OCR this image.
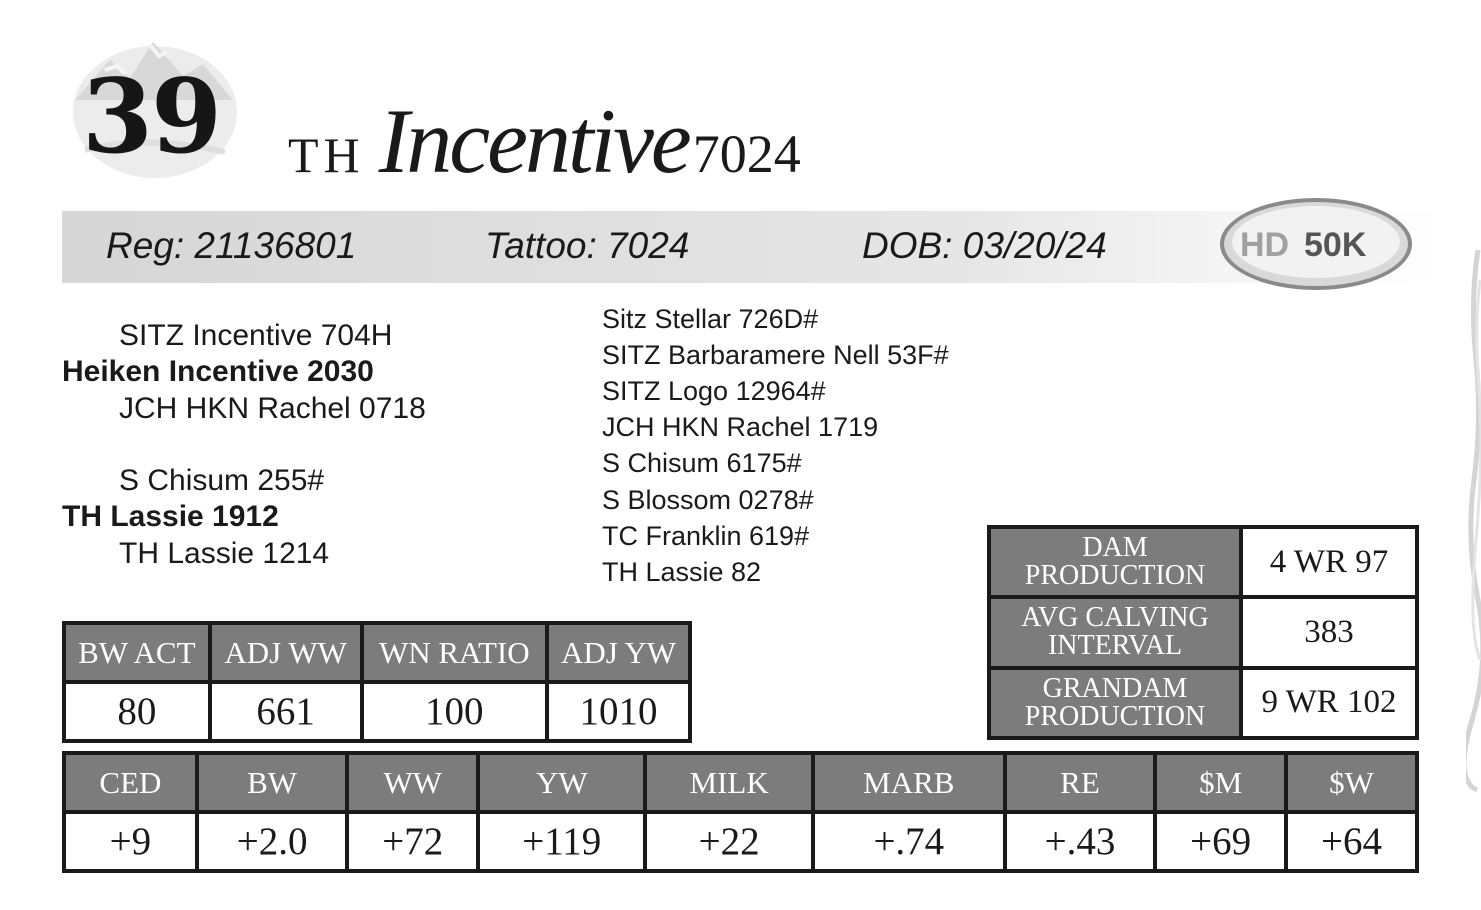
39 TH Incentive7024
Reg: 21136801	Tattoo: 7024	DOB: 03/20/24	HD 50K
SITZ Incentive 704H
Heiken Incentive 2030
JCH HKN Rachel 0718
S Chisum 255#
TH Lassie 1912
TH Lassie 1214
Sitz Stellar 726D#
SITZ Barbaramere Nell 53F#
SITZ Logo 12964#
JCH HKN Rachel 1719
S Chisum 6175#
S Blossom 0278#
TC Franklin 619#
TH Lassie 82
BW ACT	ADJ WW	WN RATIO	ADJ YW
80	661	100	1010
DAM
PRODUCTION	4 WR 97
AVG CALVING
INTERVAL	383
GRANDAM
PRODUCTION	9 WR 102
CED	BW	WW	YW	MILK	MARB	RE	$M	$W
+9	+2.0	+72	+119	+22	+.74	+.43	+69	+64
